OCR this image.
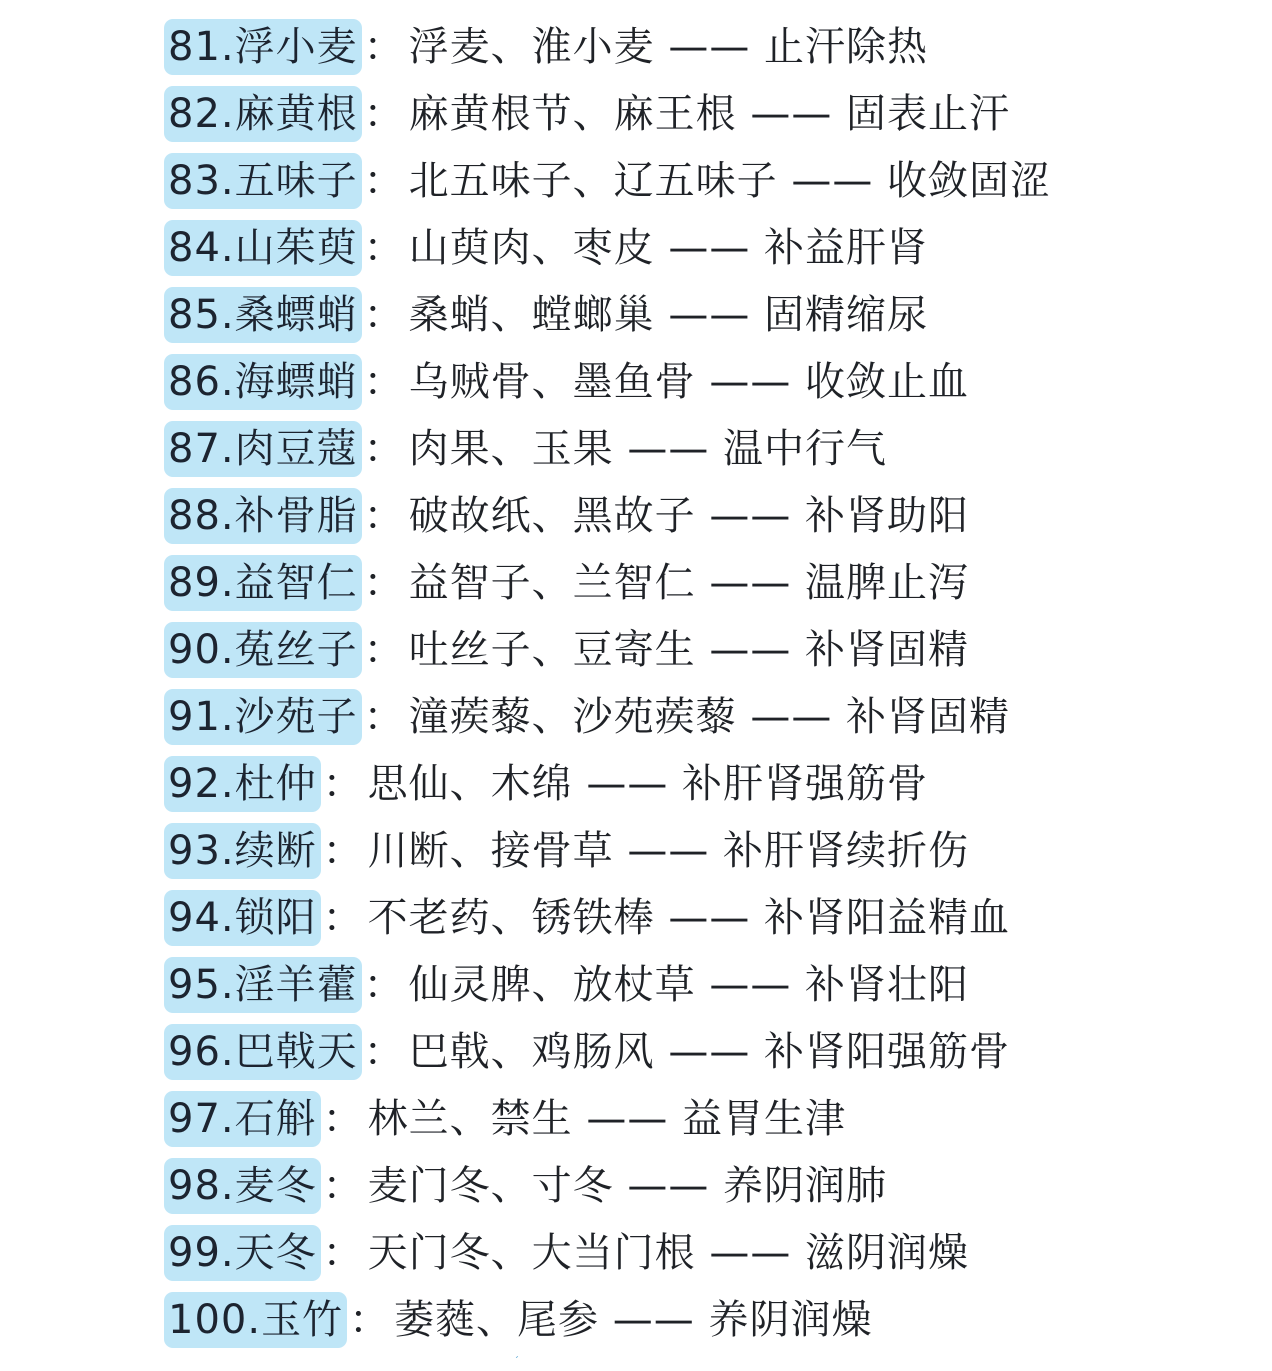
81.浮小麦 ： 浮麦、淮小麦 —— 止汗除热
82.麻黄根 ： 麻黄根节、麻王根 —— 固表止汗
83.五味子 ： 北五味子、辽五味子 —— 收敛固涩
84.山茱萸 ： 山萸肉、枣皮 —— 补益肝肾
85.桑螵蛸 ： 桑蛸、螳螂巢 —— 固精缩尿
86.海螵蛸 ： 乌贼骨、墨鱼骨 —— 收敛止血
87.肉豆蔻 ： 肉果、玉果 —— 温中行气
88.补骨脂 ： 破故纸、黑故子 —— 补肾助阳
89.益智仁 ： 益智子、兰智仁 —— 温脾止泻
90.菟丝子 ： 吐丝子、豆寄生 —— 补肾固精
91.沙苑子 ： 潼蒺藜、沙苑蒺藜 —— 补肾固精
92.杜仲 ： 思仙、木绵 —— 补肝肾强筋骨
93.续断 ： 川断、接骨草 —— 补肝肾续折伤
94.锁阳 ： 不老药、锈铁棒 —— 补肾阳益精血
95.淫羊藿 ： 仙灵脾、放杖草 —— 补肾壮阳
96.巴戟天 ： 巴戟、鸡肠风 —— 补肾阳强筋骨
97.石斛 ： 林兰、禁生 —— 益胃生津
98.麦冬 ： 麦门冬、寸冬 —— 养阴润肺
99.天冬 ： 天门冬、大当门根 —— 滋阴润燥
100.玉竹 ： 萎蕤、尾参 —— 养阴润燥
ˊ
